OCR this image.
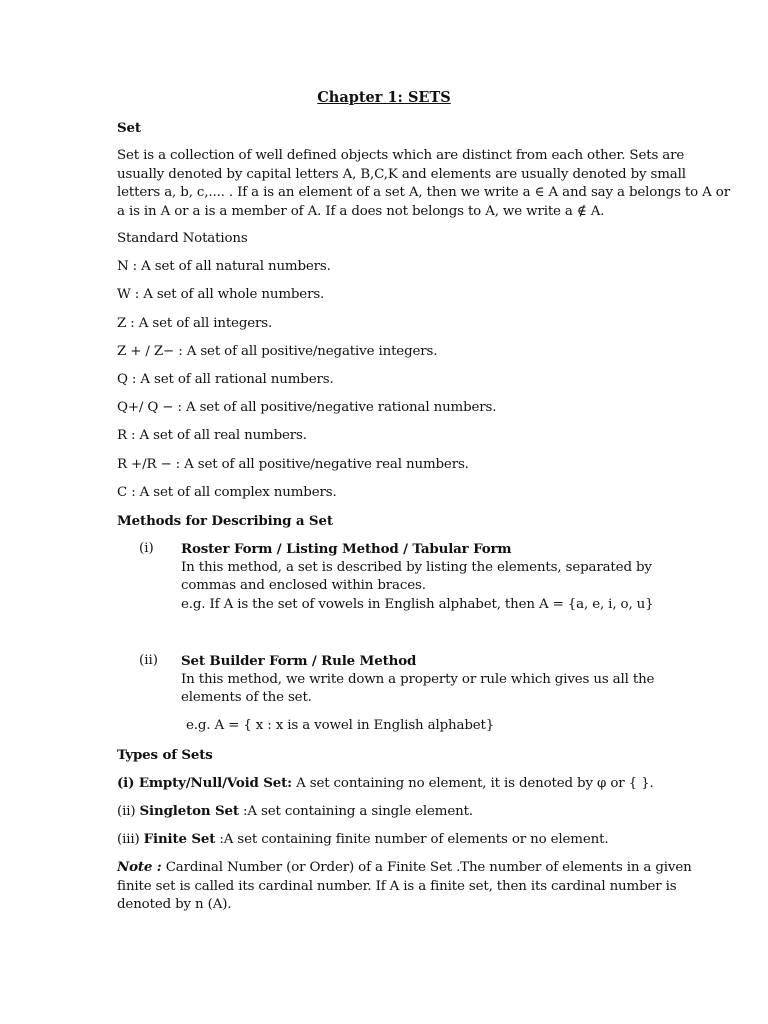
Chapter 1: SETS
Set
Set is a collection of well defined objects which are distinct from each other. Sets are
usually denoted by capital letters A, B,C,K and elements are usually denoted by small
letters a, b, c,.... . If a is an element of a set A, then we write a ∈ A and say a belongs to A or
a is in A or a is a member of A. If a does not belongs to A, we write a ∉ A.
Standard Notations
N : A set of all natural numbers.
W : A set of all whole numbers.
Z : A set of all integers.
Z + / Z− : A set of all positive/negative integers.
Q : A set of all rational numbers.
Q+/ Q − : A set of all positive/negative rational numbers.
R : A set of all real numbers.
R +/R − : A set of all positive/negative real numbers.
C : A set of all complex numbers.
Methods for Describing a Set
(i) Roster Form / Listing Method / Tabular Form
In this method, a set is described by listing the elements, separated by
commas and enclosed within braces.
e.g. If A is the set of vowels in English alphabet, then A = {a, e, i, o, u}
(ii) Set Builder Form / Rule Method
In this method, we write down a property or rule which gives us all the
elements of the set.
e.g. A = { x : x is a vowel in English alphabet}
Types of Sets
(i) Empty/Null/Void Set: A set containing no element, it is denoted by φ or { }.
(ii) Singleton Set :A set containing a single element.
(iii) Finite Set :A set containing finite number of elements or no element.
Note : Cardinal Number (or Order) of a Finite Set .The number of elements in a given
finite set is called its cardinal number. If A is a finite set, then its cardinal number is
denoted by n (A).
